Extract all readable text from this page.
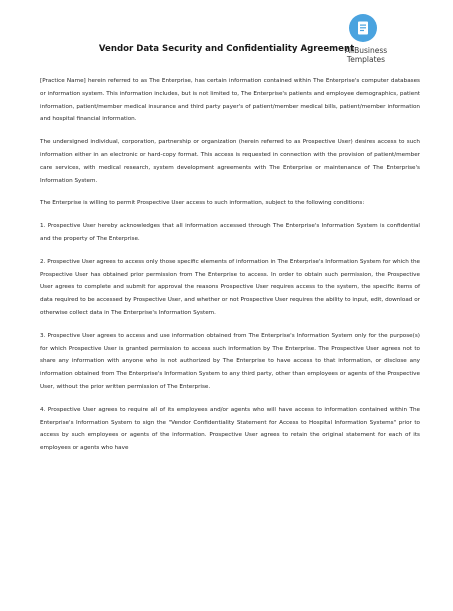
AllBusiness
Templates
Vendor Data Security and Confidentiality Agreement

[Practice Name] herein referred to as The Enterprise, has certain information contained within The Enterprise's computer databases or information system. This information includes, but is not limited to, The Enterprise's patients and employee demographics, patient information, patient/member medical insurance and third party payer's of patient/member medical bills, patient/member information and hospital financial information.

The undersigned individual, corporation, partnership or organization (herein referred to as Prospective User) desires access to such information either in an electronic or hard-copy format. This access is requested in connection with the provision of patient/member care services, with medical research, system development agreements with The Enterprise or maintenance of The Enterprise's Information System.

The Enterprise is willing to permit Prospective User access to such information, subject to the following conditions:

1. Prospective User hereby acknowledges that all information accessed through The Enterprise's Information System is confidential and the property of The Enterprise.

2. Prospective User agrees to access only those specific elements of information in The Enterprise's Information System for which the Prospective User has obtained prior permission from The Enterprise to access. In order to obtain such permission, the Prospective User agrees to complete and submit for approval the reasons Prospective User requires access to the system, the specific items of data required to be accessed by Prospective User, and whether or not Prospective User requires the ability to input, edit, download or otherwise collect data in The Enterprise's Information System.

3. Prospective User agrees to access and use information obtained from The Enterprise's Information System only for the purpose(s) for which Prospective User is granted permission to access such information by The Enterprise. The Prospective User agrees not to share any information with anyone who is not authorized by The Enterprise to have access to that information, or disclose any information obtained from The Enterprise's Information System to any third party, other than employees or agents of the Prospective User, without the prior written permission of The Enterprise.

4. Prospective User agrees to require all of its employees and/or agents who will have access to information contained within The Enterprise's Information System to sign the "Vendor Confidentiality Statement for Access to Hospital Information Systems" prior to access by such employees or agents of the information. Prospective User agrees to retain the original statement for each of its employees or agents who have
